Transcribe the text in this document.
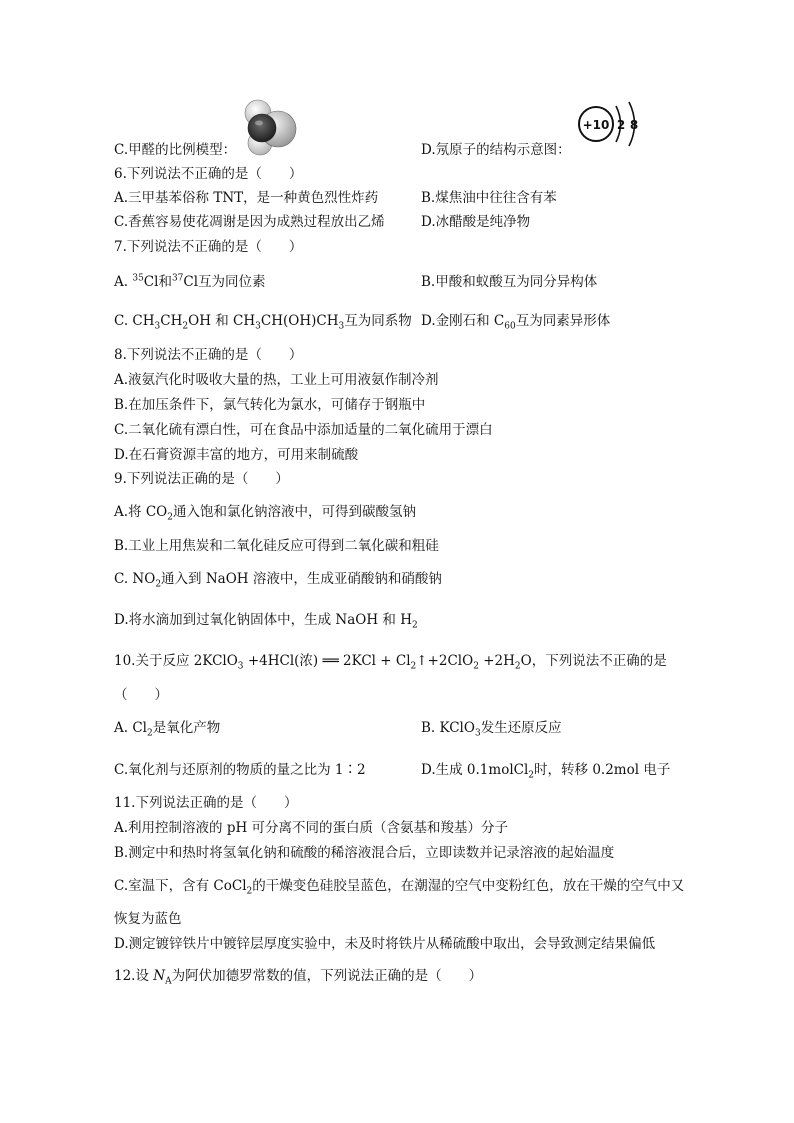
C.甲醛的比例模型：	D.氖原子的结构示意图：
+10 2 8
6.下列说法不正确的是（　　）
A.三甲基苯俗称 TNT，是一种黄色烈性炸药	B.煤焦油中往往含有苯
C.香蕉容易使花凋谢是因为成熟过程放出乙烯	D.冰醋酸是纯净物
7.下列说法不正确的是（　　）
A. $^{35}$Cl和$^{37}$Cl互为同位素	B.甲酸和蚁酸互为同分异构体
C. $CH_3CH_2OH$ 和 $CH_3CH(OH)CH_3$互为同系物 D.金刚石和 $C_{60}$互为同素异形体
8.下列说法不正确的是（　　）
A.液氨汽化时吸收大量的热，工业上可用液氨作制冷剂
B.在加压条件下，氯气转化为氯水，可储存于钢瓶中
C.二氧化硫有漂白性，可在食品中添加适量的二氧化硫用于漂白
D.在石膏资源丰富的地方，可用来制硫酸
9.下列说法正确的是（　　）
A.将 $CO_2$通入饱和氯化钠溶液中，可得到碳酸氢钠
B.工业上用焦炭和二氧化硅反应可得到二氧化碳和粗硅
C. $NO_2$通入到 NaOH 溶液中，生成亚硝酸钠和硝酸钠
D.将水滴加到过氧化钠固体中，生成 NaOH 和 $H_2$
10.关于反应 2KClO$_3$ +4HCl(浓) ══ $2KCl + Cl_2↑+2ClO_2 +2H_2O$，下列说法不正确的是
（　　）
A. $Cl_2$是氧化产物	B. KClO$_3$发生还原反应
C.氧化剂与还原剂的物质的量之比为 1∶2	D.生成 0.1molCl$_2$时，转移 0.2mol 电子
11.下列说法正确的是（　　）
A.利用控制溶液的 pH 可分离不同的蛋白质（含氨基和羧基）分子
B.测定中和热时将氢氧化钠和硫酸的稀溶液混合后，立即读数并记录溶液的起始温度
C.室温下，含有 CoCl$_2$的干燥变色硅胶呈蓝色，在潮湿的空气中变粉红色，放在干燥的空气中又
恢复为蓝色
D.测定镀锌铁片中镀锌层厚度实验中，未及时将铁片从稀硫酸中取出，会导致测定结果偏低
12.设 $N_A$为阿伏加德罗常数的值，下列说法正确的是（　　）
